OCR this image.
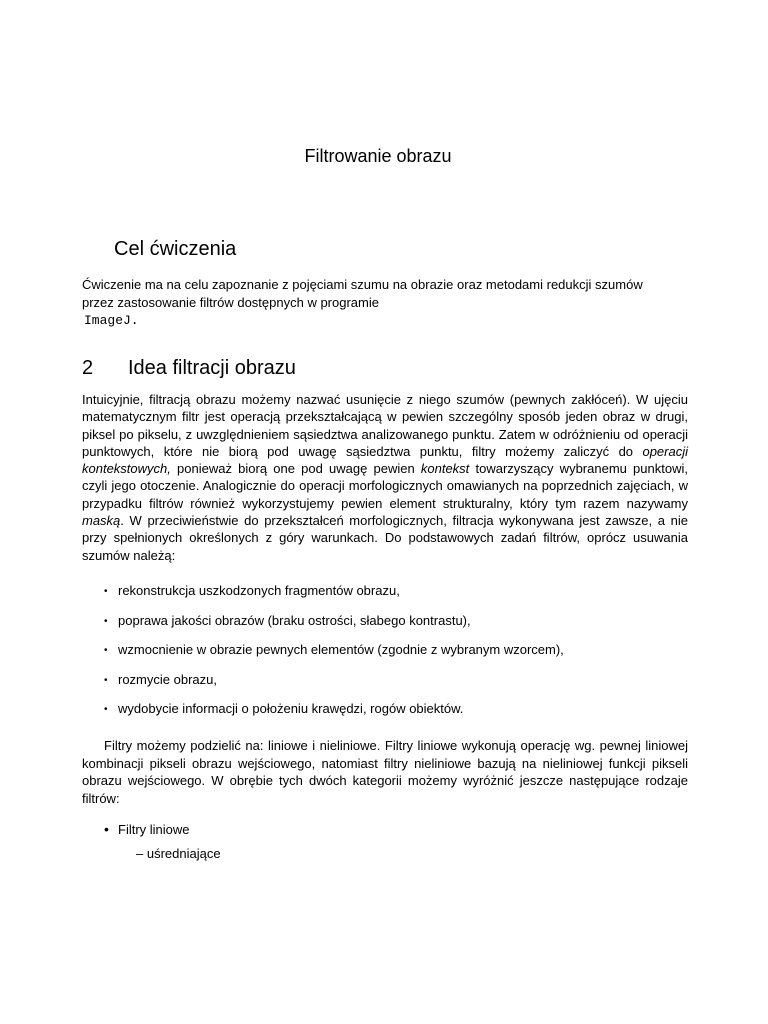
Filtrowanie obrazu
Cel ćwiczenia
Ćwiczenie ma na celu zapoznanie z pojęciami szumu na obrazie oraz metodami redukcji szumów przez zastosowanie filtrów dostępnych w programie
ImageJ.
2 Idea filtracji obrazu
Intuicyjnie, filtracją obrazu możemy nazwać usunięcie z niego szumów (pewnych zakłóceń). W ujęciu matematycznym filtr jest operacją przekształcającą w pewien szczególny sposób jeden obraz w drugi, piksel po pikselu, z uwzględnieniem sąsiedztwa analizowanego punktu. Zatem w odróżnieniu od operacji punktowych, które nie biorą pod uwagę sąsiedztwa punktu, filtry możemy zaliczyć do operacji kontekstowych, ponieważ biorą one pod uwagę pewien kontekst towarzyszący wybranemu punktowi, czyli jego otoczenie. Analogicznie do operacji morfologicznych omawianych na poprzednich zajęciach, w przypadku filtrów również wykorzystujemy pewien element strukturalny, który tym razem nazywamy maską. W przeciwieństwie do przekształceń morfologicznych, filtracja wykonywana jest zawsze, a nie przy spełnionych określonych z góry warunkach. Do podstawowych zadań filtrów, oprócz usuwania szumów należą:
• rekonstrukcja uszkodzonych fragmentów obrazu,
• poprawa jakości obrazów (braku ostrości, słabego kontrastu),
• wzmocnienie w obrazie pewnych elementów (zgodnie z wybranym wzorcem),
• rozmycie obrazu,
• wydobycie informacji o położeniu krawędzi, rogów obiektów.
Filtry możemy podzielić na: liniowe i nieliniowe. Filtry liniowe wykonują operację wg. pewnej liniowej kombinacji pikseli obrazu wejściowego, natomiast filtry nieliniowe bazują na nieliniowej funkcji pikseli obrazu wejściowego. W obrębie tych dwóch kategorii możemy wyróżnić jeszcze następujące rodzaje filtrów:
• Filtry liniowe
– uśredniające
